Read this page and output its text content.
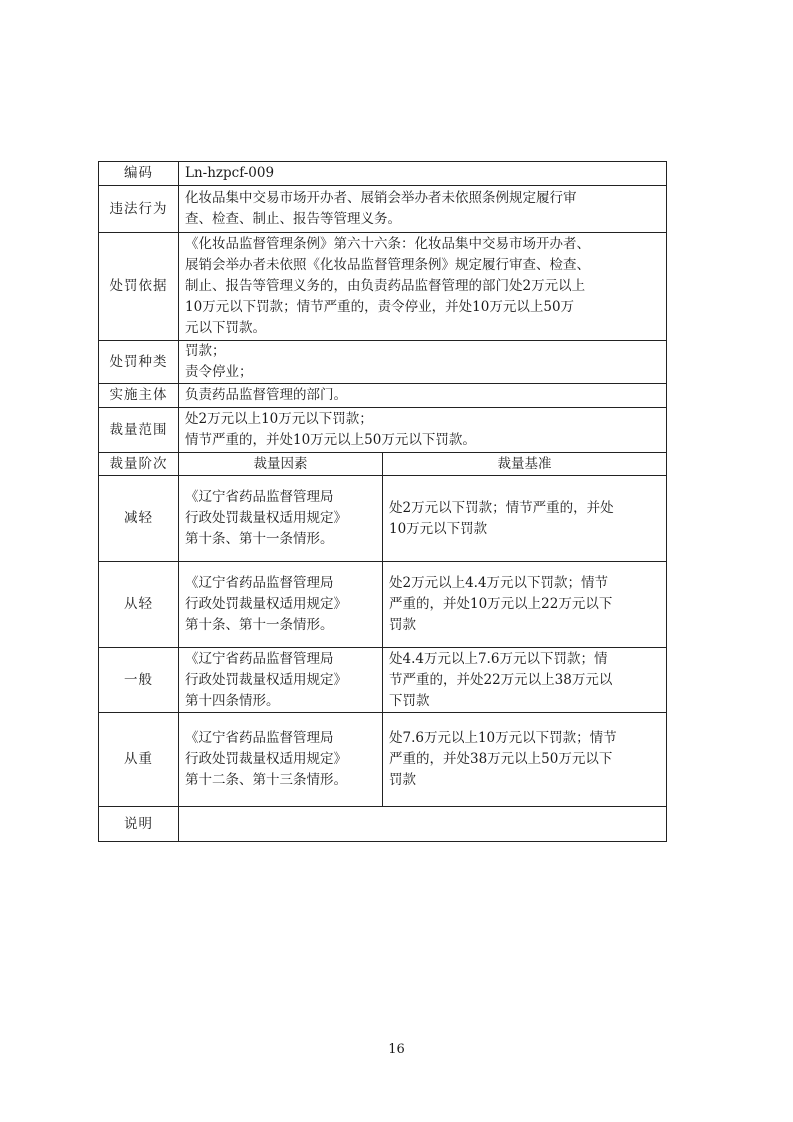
编码	Ln-hzpcf-009	
违法行为	化妆品集中交易市场开办者、展销会举办者未依照条例规定履行审
查、检查、制止、报告等管理义务。	

处罚依据	《化妆品监督管理条例》第六十六条：化妆品集中交易市场开办者、
展销会举办者未依照《化妆品监督管理条例》规定履行审查、检查、
制止、报告等管理义务的，由负责药品监督管理的部门处2万元以上
10万元以下罚款；情节严重的，责令停业，并处10万元以上50万
元以下罚款。	

处罚种类	罚款；
责令停业；	

实施主体	负责药品监督管理的部门。	
裁量范围	处2万元以上10万元以下罚款；
情节严重的，并处10万元以上50万元以下罚款。	

裁量阶次	裁量因素	裁量基准
减轻	《辽宁省药品监督管理局
行政处罚裁量权适用规定》
第十条、第十一条情形。	处2万元以下罚款；情节严重的，并处
10万元以下罚款

从轻	《辽宁省药品监督管理局
行政处罚裁量权适用规定》
第十条、第十一条情形。	处2万元以上4.4万元以下罚款；情节
严重的，并处10万元以上22万元以下
罚款

一般	《辽宁省药品监督管理局
行政处罚裁量权适用规定》
第十四条情形。	处4.4万元以上7.6万元以下罚款；情
节严重的，并处22万元以上38万元以
下罚款

从重	《辽宁省药品监督管理局
行政处罚裁量权适用规定》
第十二条、第十三条情形。	处7.6万元以上10万元以下罚款；情节
严重的，并处38万元以上50万元以下
罚款

说明		
16
